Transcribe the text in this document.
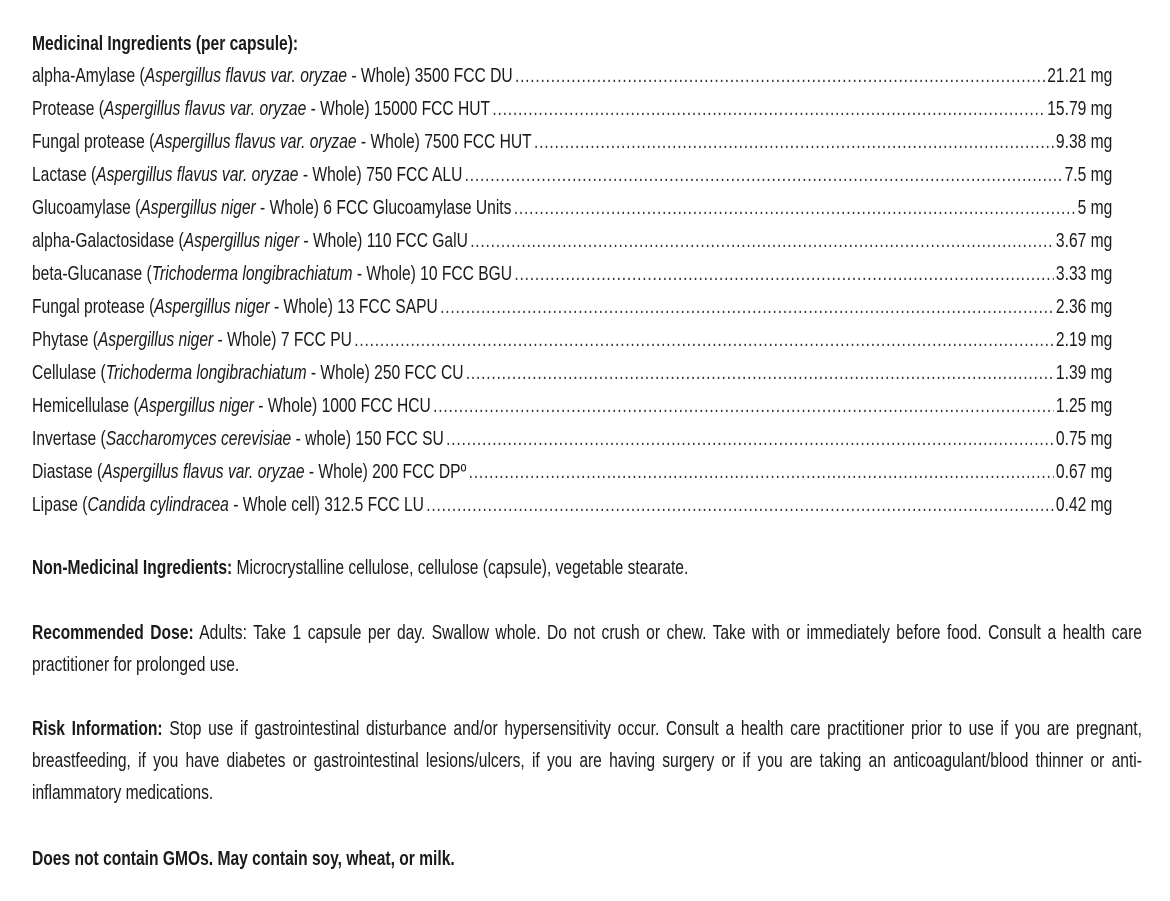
Medicinal Ingredients (per capsule):
alpha-Amylase (Aspergillus flavus var. oryzae - Whole) 3500 FCC DU .....	21.21 mg
Protease (Aspergillus flavus var. oryzae - Whole) 15000 FCC HUT .....	15.79 mg
Fungal protease (Aspergillus flavus var. oryzae - Whole) 7500 FCC HUT .....	9.38 mg
Lactase (Aspergillus flavus var. oryzae - Whole) 750 FCC ALU .....	7.5 mg
Glucoamylase (Aspergillus niger - Whole) 6 FCC Glucoamylase Units .....	5 mg
alpha-Galactosidase (Aspergillus niger - Whole) 110 FCC GalU .....	3.67 mg
beta-Glucanase (Trichoderma longibrachiatum - Whole) 10 FCC BGU .....	3.33 mg
Fungal protease (Aspergillus niger - Whole) 13 FCC SAPU .....	2.36 mg
Phytase (Aspergillus niger - Whole) 7 FCC PU .....	2.19 mg
Cellulase (Trichoderma longibrachiatum - Whole) 250 FCC CU .....	1.39 mg
Hemicellulase (Aspergillus niger - Whole) 1000 FCC HCU .....	1.25 mg
Invertase (Saccharomyces cerevisiae - whole) 150 FCC SU .....	0.75 mg
Diastase (Aspergillus flavus var. oryzae - Whole) 200 FCC DPº .....	0.67 mg
Lipase (Candida cylindracea - Whole cell) 312.5 FCC LU .....	0.42 mg
Non-Medicinal Ingredients: Microcrystalline cellulose, cellulose (capsule), vegetable stearate.
Recommended Dose: Adults: Take 1 capsule per day. Swallow whole. Do not crush or chew. Take with or immediately before food. Consult a health care practitioner for prolonged use.
Risk Information: Stop use if gastrointestinal disturbance and/or hypersensitivity occur. Consult a health care practitioner prior to use if you are pregnant, breastfeeding, if you have diabetes or gastrointestinal lesions/ulcers, if you are having surgery or if you are taking an anticoagulant/blood thinner or anti-inflammatory medications.
Does not contain GMOs. May contain soy, wheat, or milk.
